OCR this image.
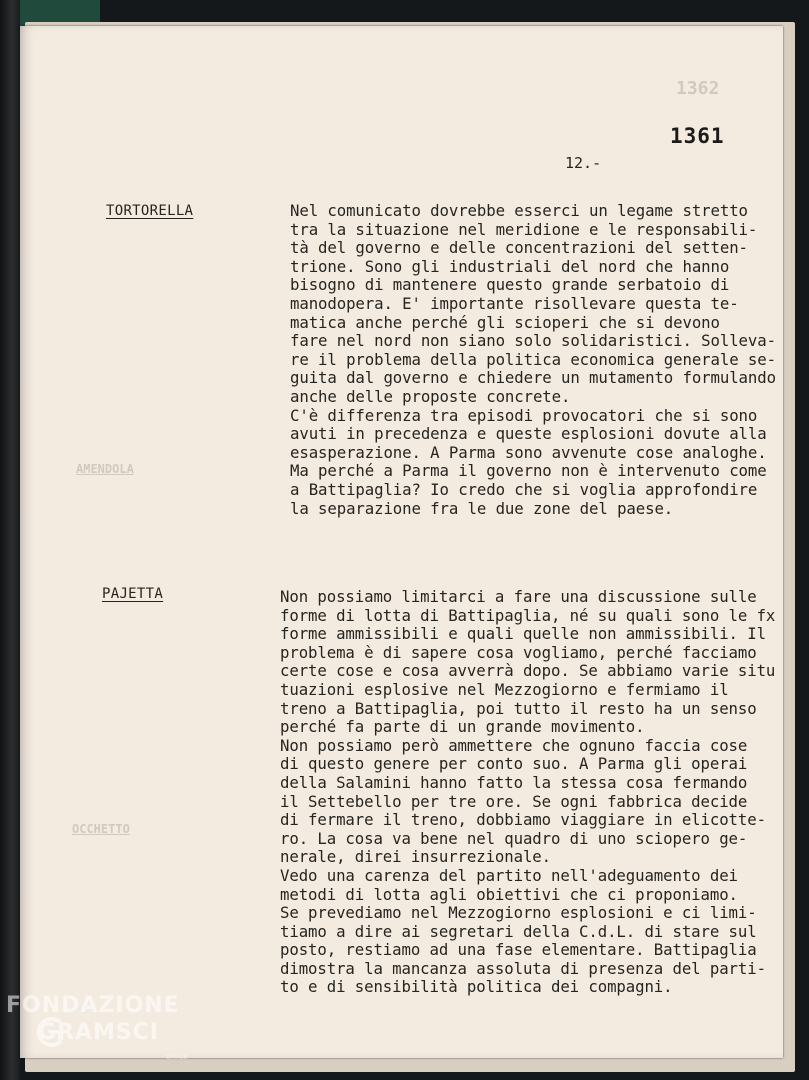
1362
AMENDOLA
OCCHETTO
1361
12.-
TORTORELLA	Nel comunicato dovrebbe esserci un legame stretto
tra la situazione nel meridione e le responsabili-
tà del governo e delle concentrazioni del setten-
trione. Sono gli industriali del nord che hanno
bisogno di mantenere questo grande serbatoio di
manodopera. E' importante risollevare questa te-
matica anche perché gli scioperi che si devono
fare nel nord non siano solo solidaristici. Solleva-
re il problema della politica economica generale se-
guita dal governo e chiedere un mutamento formulando
anche delle proposte concrete.
C'è differenza tra episodi provocatori che si sono
avuti in precedenza e queste esplosioni dovute alla
esasperazione. A Parma sono avvenute cose analoghe.
Ma perché a Parma il governo non è intervenuto come
a Battipaglia? Io credo che si voglia approfondire
la separazione fra le due zone del paese.
PAJETTA	Non possiamo limitarci a fare una discussione sulle
forme di lotta di Battipaglia, né su quali sono le fx
forme ammissibili e quali quelle non ammissibili. Il
problema è di sapere cosa vogliamo, perché facciamo
certe cose e cosa avverrà dopo. Se abbiamo varie situ
tuazioni esplosive nel Mezzogiorno e fermiamo il
treno a Battipaglia, poi tutto il resto ha un senso
perché fa parte di un grande movimento.
Non possiamo però ammettere che ognuno faccia cose
di questo genere per conto suo. A Parma gli operai
della Salamini hanno fatto la stessa cosa fermando
il Settebello per tre ore. Se ogni fabbrica decide
di fermare il treno, dobbiamo viaggiare in elicotte-
ro. La cosa va bene nel quadro di uno sciopero ge-
nerale, direi insurrezionale.
Vedo una carenza del partito nell'adeguamento dei
metodi di lotta agli obiettivi che ci proponiamo.
Se prevediamo nel Mezzogiorno esplosioni e ci limi-
tiamo a dire ai segretari della C.d.L. di stare sul
posto, restiamo ad una fase elementare. Battipaglia
dimostra la mancanza assoluta di presenza del parti-
to e di sensibilità politica dei compagni.
FONDAZIONE
GRAMSCI
onlus
